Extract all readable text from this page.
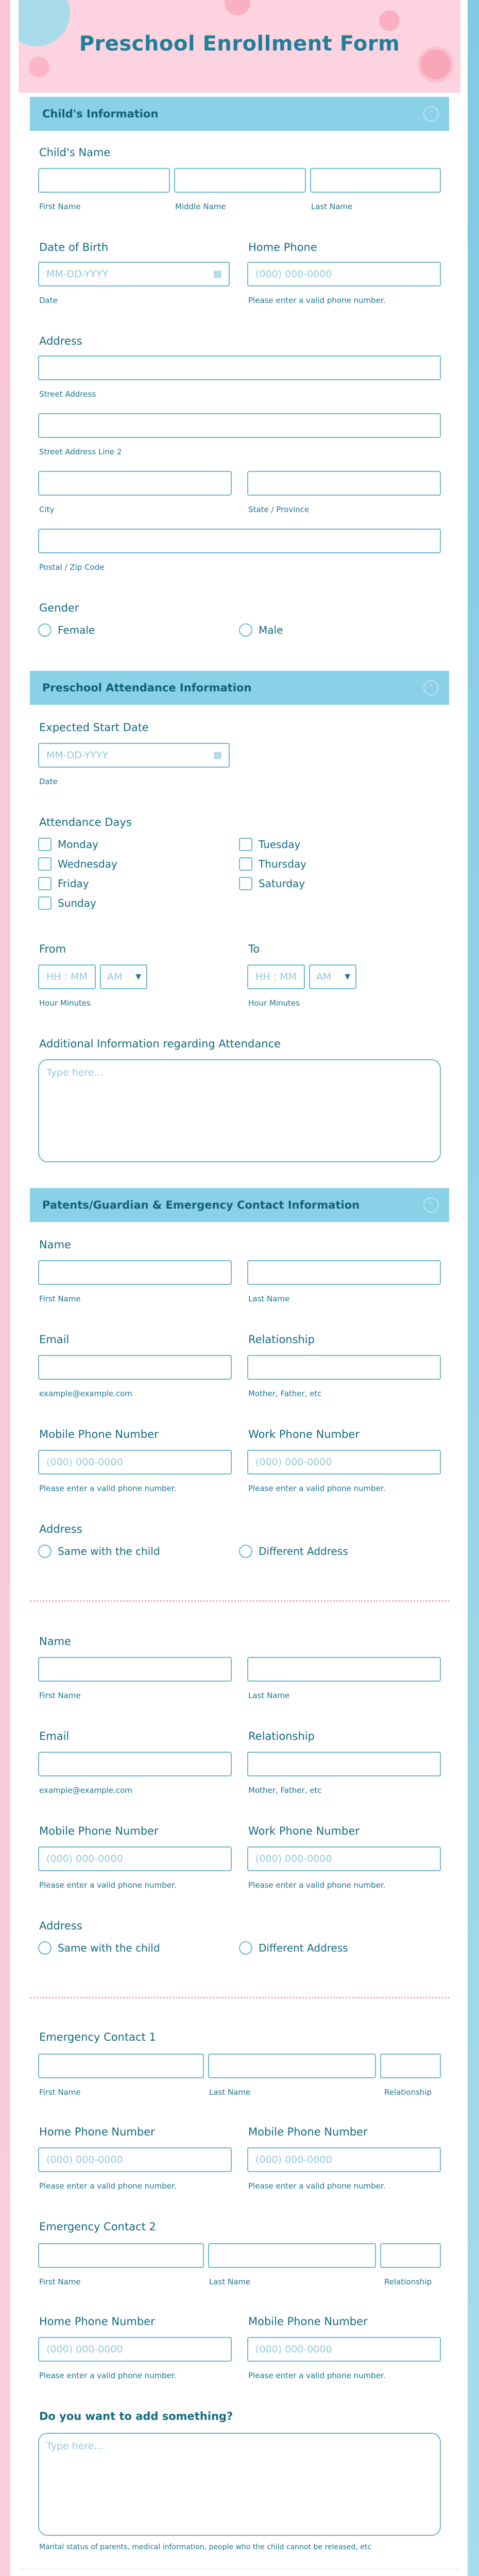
Preschool Enrollment Form
Child's Information	⌃
Child's Name
First Name	Middle Name	Last Name
Date of Birth
MM-DD-YYYY	▦
Date
Home Phone
(000) 000-0000
Please enter a valid phone number.
Address
Street Address
Street Address Line 2
City	State / Province
Postal / Zip Code
Gender
Female	Male
Preschool Attendance Information	⌃
Expected Start Date
MM-DD-YYYY	▦
Date
Attendance Days
Monday	Tuesday
Wednesday	Thursday
Friday	Saturday
Sunday
From
HH : MM	AM ▼
Hour Minutes
To
HH : MM	AM ▼
Hour Minutes
Additional Information regarding Attendance
Type here...
Patents/Guardian & Emergency Contact Information	⌃
Name
First Name	Last Name
Email
example@example.com
Relationship
Mother, Father, etc
Mobile Phone Number
(000) 000-0000
Please enter a valid phone number.
Work Phone Number
(000) 000-0000
Please enter a valid phone number.
Address
Same with the child	Different Address
Name
First Name	Last Name
Email
example@example.com
Relationship
Mother, Father, etc
Mobile Phone Number
(000) 000-0000
Please enter a valid phone number.
Work Phone Number
(000) 000-0000
Please enter a valid phone number.
Address
Same with the child	Different Address
Emergency Contact 1
First Name	Last Name	Relationship
Home Phone Number
(000) 000-0000
Please enter a valid phone number.
Mobile Phone Number
(000) 000-0000
Please enter a valid phone number.
Emergency Contact 2
First Name	Last Name	Relationship
Home Phone Number
(000) 000-0000
Please enter a valid phone number.
Mobile Phone Number
(000) 000-0000
Please enter a valid phone number.
Do you want to add something?
Type here...
Marital status of parents, medical information, people who the child cannot be released, etc
